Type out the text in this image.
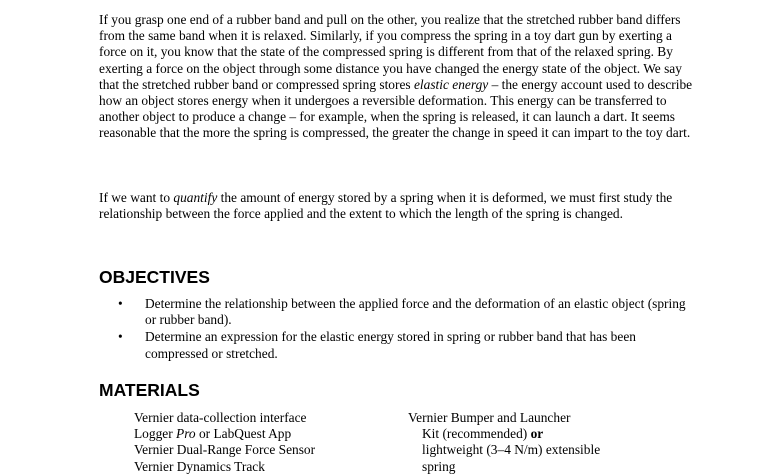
If you grasp one end of a rubber band and pull on the other, you realize that the stretched rubber band differs from the same band when it is relaxed. Similarly, if you compress the spring in a toy dart gun by exerting a force on it, you know that the state of the compressed spring is different from that of the relaxed spring. By exerting a force on the object through some distance you have changed the energy state of the object. We say that the stretched rubber band or compressed spring stores elastic energy – the energy account used to describe how an object stores energy when it undergoes a reversible deformation. This energy can be transferred to another object to produce a change – for example, when the spring is released, it can launch a dart. It seems reasonable that the more the spring is compressed, the greater the change in speed it can impart to the toy dart.

If we want to quantify the amount of energy stored by a spring when it is deformed, we must first study the relationship between the force applied and the extent to which the length of the spring is changed.

OBJECTIVES
• Determine the relationship between the applied force and the deformation of an elastic object (spring or rubber band).
• Determine an expression for the elastic energy stored in spring or rubber band that has been compressed or stretched.
MATERIALS
Vernier data-collection interface
Logger Pro or LabQuest App
Vernier Dual-Range Force Sensor
Vernier Dynamics Track
Vernier Bumper and Launcher
Kit (recommended) or
lightweight (3–4 N/m) extensible
spring
